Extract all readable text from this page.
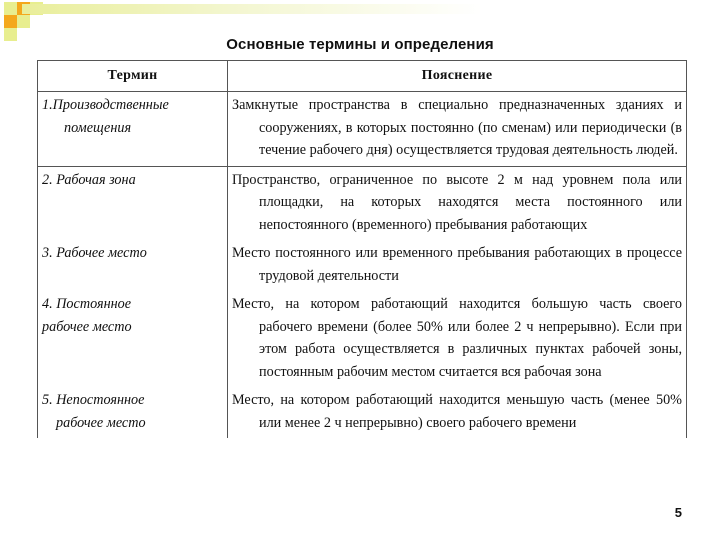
Основные термины и определения
Термин	Пояснение
1.Производственные
помещения	Замкнутые пространства в специально предназначенных зданиях и сооружениях, в которых постоянно (по сменам) или периодически (в течение рабочего дня) осуществляется трудовая деятельность людей.

2. Рабочая зона	Пространство, ограниченное по высоте 2 м над уровнем пола или площадки, на которых находятся места постоянного или непостоянного (временного) пребывания работающих

3. Рабочее место	Место постоянного или временного пребывания работающих в процессе трудовой деятельности

4. Постоянное
рабочее место	Место, на котором работающий находится большую часть своего рабочего времени (более 50% или более 2 ч непрерывно). Если при этом работа осуществляется в различных пунктах рабочей зоны, постоянным рабочим местом считается вся рабочая зона

5. Непостоянное
рабочее место	Место, на котором работающий находится меньшую часть (менее 50% или менее 2 ч непрерывно) своего рабочего времени
5
